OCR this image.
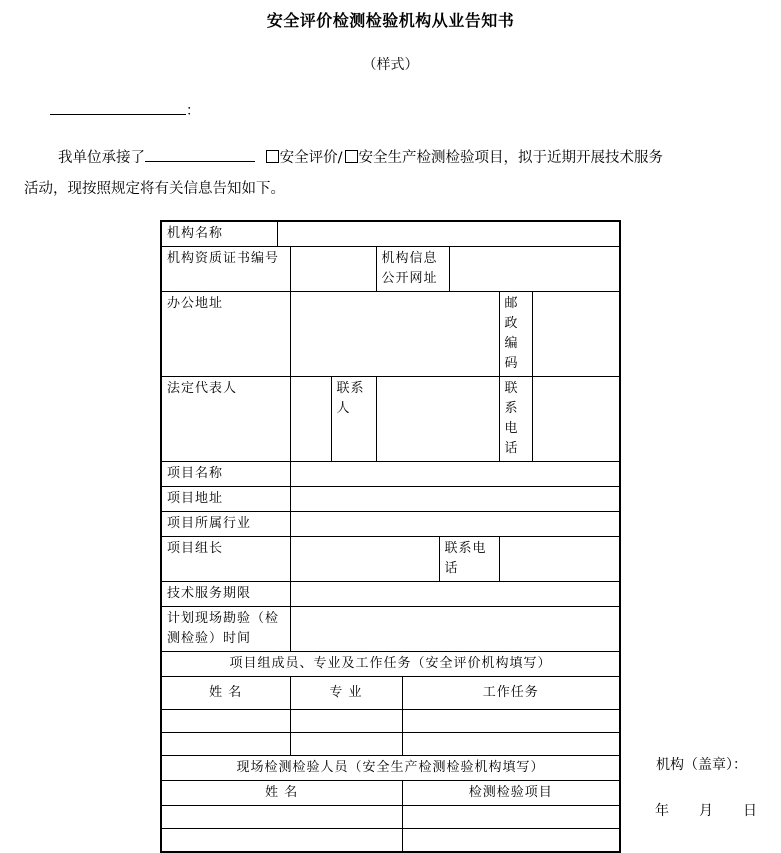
安全评价检测检验机构从业告知书
（样式）
：
我单位承接了	安全评价/ 安全生产检测检验项目，拟于近期开展技术服务
活动，现按照规定将有关信息告知如下。
机构名称									
机构资质证书编号				机构信息公开网址					
办公地址								邮政编码	
法定代表人			联系人					联系电话	
项目名称									
项目地址									
项目所属行业									
项目组长						联系电话			
技术服务期限									
计划现场勘验（检测检验）时间									
项目组成员、专业及工作任务（安全评价机构填写）									
姓 名		专 业			工作任务				

现场检测检验人员（安全生产检测检验机构填写）									
姓 名					检测检验项目				

机构（盖章）：
年 月 日
